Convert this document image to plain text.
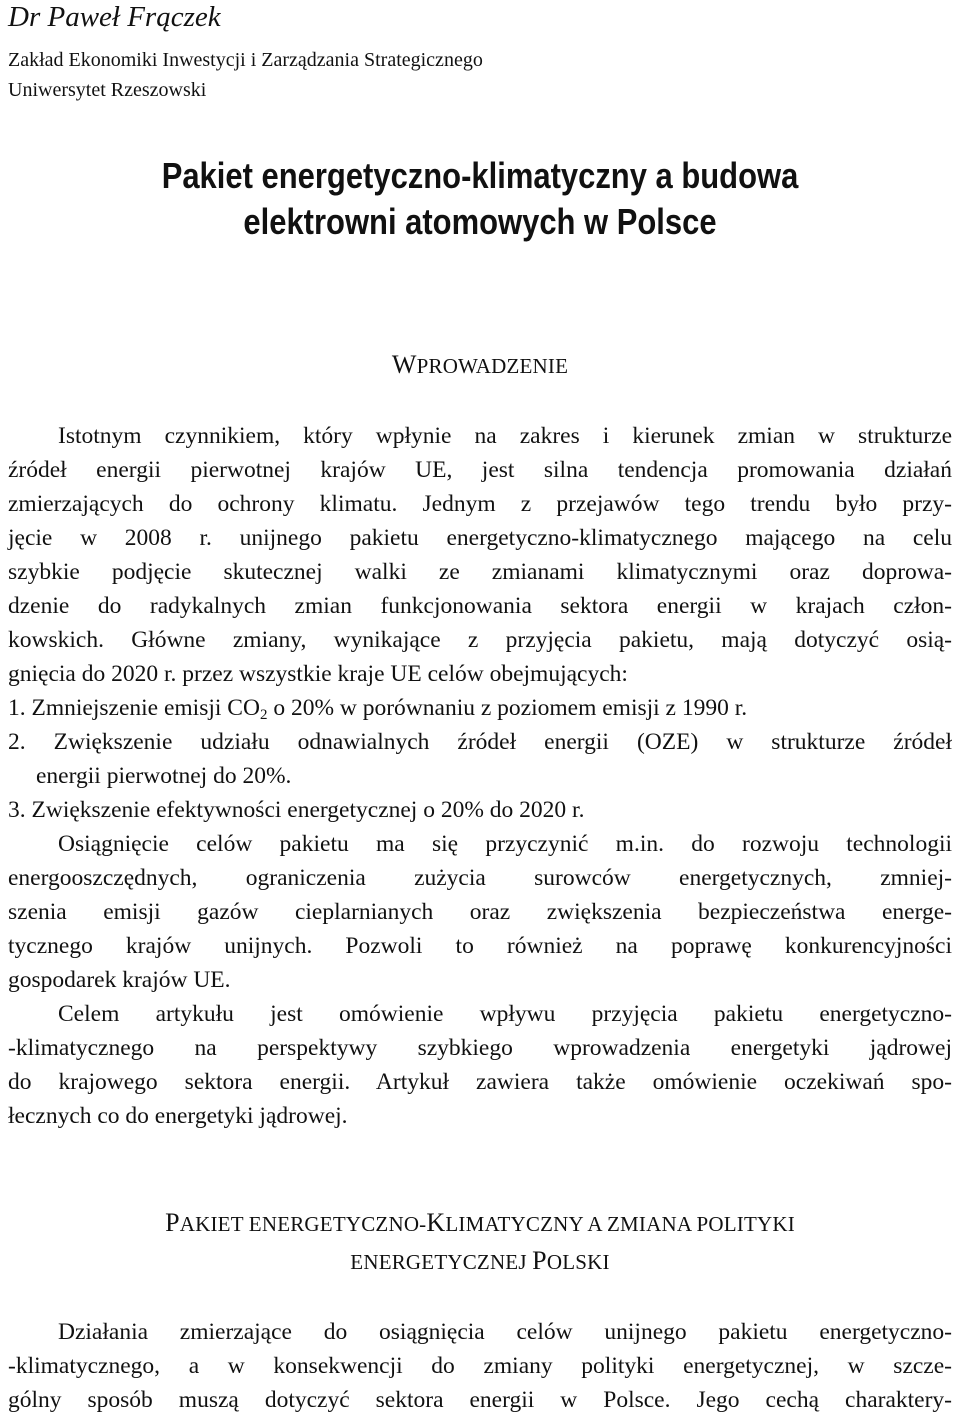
Dr Paweł Frączek
Zakład Ekonomiki Inwestycji i Zarządzania Strategicznego
Uniwersytet Rzeszowski
Pakiet energetyczno-klimatyczny a budowa
elektrowni atomowych w Polsce
WPROWADZENIE
Istotnym czynnikiem, który wpłynie na zakres i kierunek zmian w strukturze
źródeł energii pierwotnej krajów UE, jest silna tendencja promowania działań
zmierzających do ochrony klimatu. Jednym z przejawów tego trendu było przy-
jęcie w 2008 r. unijnego pakietu energetyczno-klimatycznego mającego na celu
szybkie podjęcie skutecznej walki ze zmianami klimatycznymi oraz doprowa-
dzenie do radykalnych zmian funkcjonowania sektora energii w krajach człon-
kowskich. Główne zmiany, wynikające z przyjęcia pakietu, mają dotyczyć osią-
gnięcia do 2020 r. przez wszystkie kraje UE celów obejmujących:
1. Zmniejszenie emisji $CO_2$ o 20% w porównaniu z poziomem emisji z 1990 r.
2. Zwiększenie udziału odnawialnych źródeł energii (OZE) w strukturze źródeł
energii pierwotnej do 20%.
3. Zwiększenie efektywności energetycznej o 20% do 2020 r.
Osiągnięcie celów pakietu ma się przyczynić m.in. do rozwoju technologii
energooszczędnych, ograniczenia zużycia surowców energetycznych, zmniej-
szenia emisji gazów cieplarnianych oraz zwiększenia bezpieczeństwa energe-
tycznego krajów unijnych. Pozwoli to również na poprawę konkurencyjności
gospodarek krajów UE.
Celem artykułu jest omówienie wpływu przyjęcia pakietu energetyczno-
-klimatycznego na perspektywy szybkiego wprowadzenia energetyki jądrowej
do krajowego sektora energii. Artykuł zawiera także omówienie oczekiwań spo-
łecznych co do energetyki jądrowej.
PAKIET ENERGETYCZNO-KLIMATYCZNY A ZMIANA POLITYKI
ENERGETYCZNEJ POLSKI
Działania zmierzające do osiągnięcia celów unijnego pakietu energetyczno-
-klimatycznego, a w konsekwencji do zmiany polityki energetycznej, w szcze-
gólny sposób muszą dotyczyć sektora energii w Polsce. Jego cechą charaktery-
